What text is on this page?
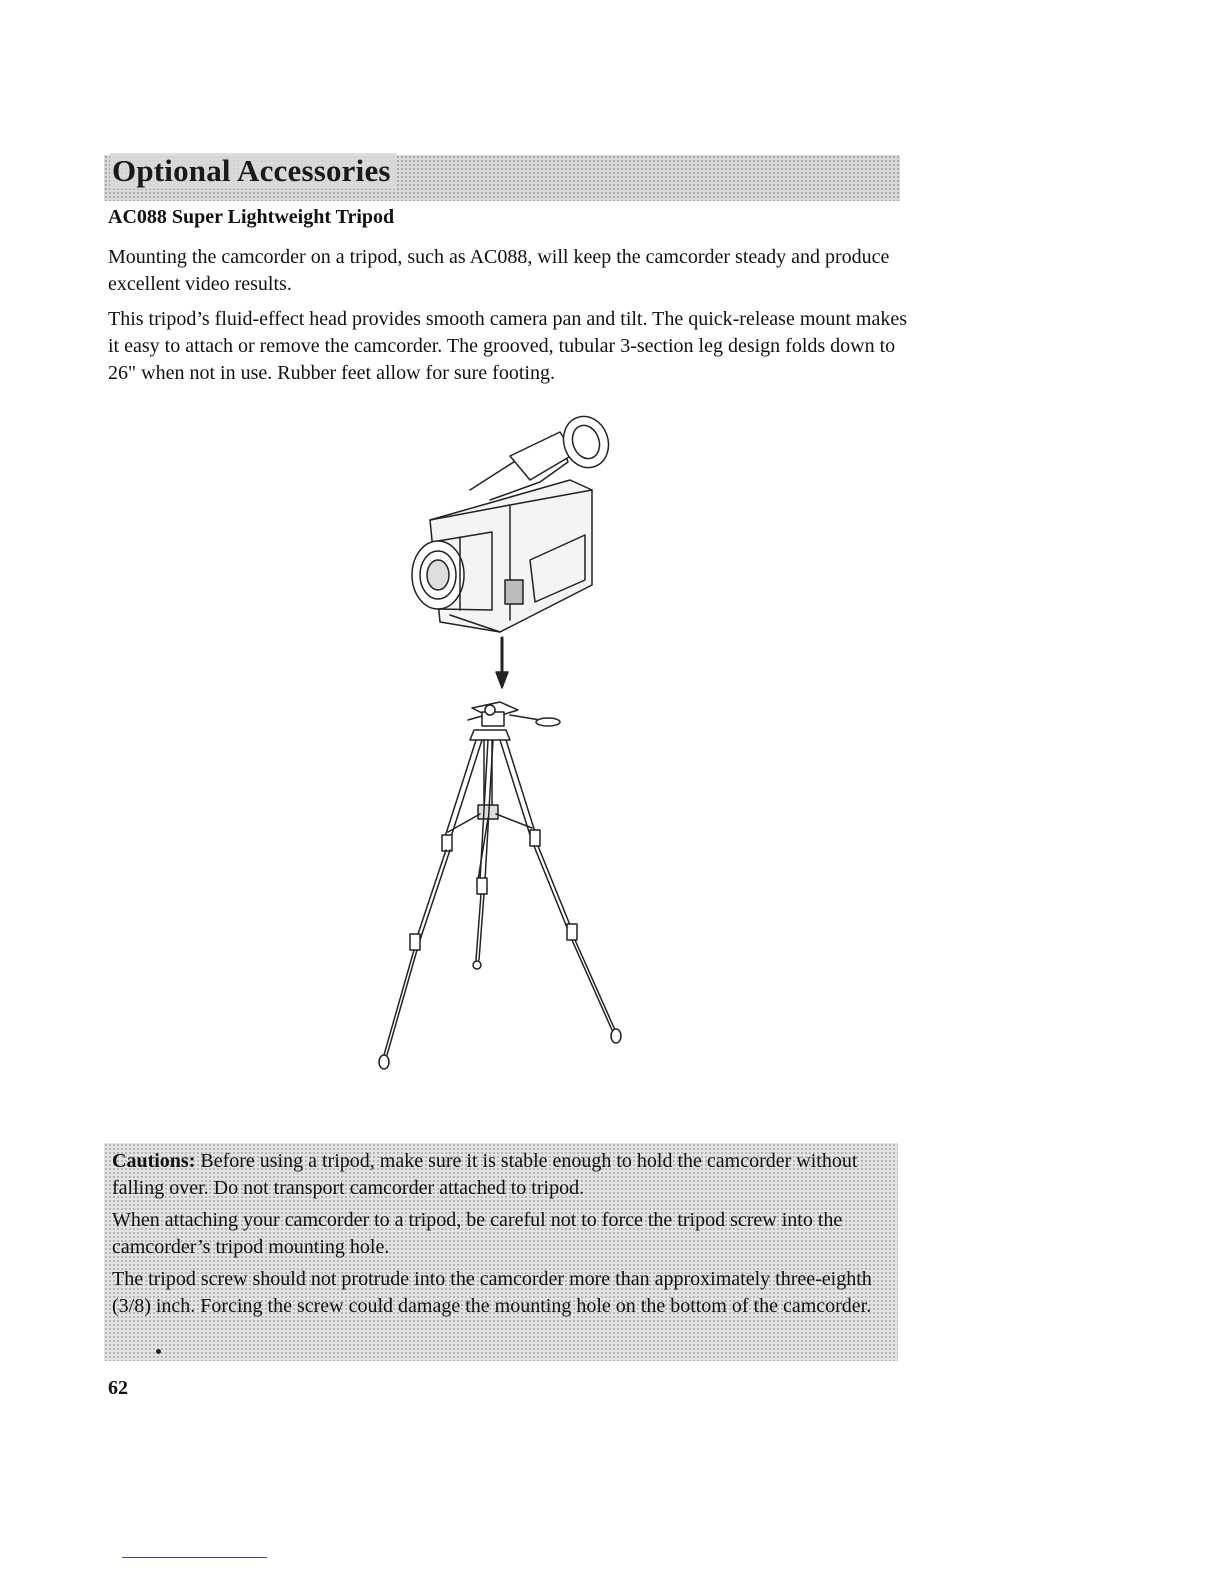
Optional Accessories
AC088 Super Lightweight Tripod

Mounting the camcorder on a tripod, such as AC088, will keep the camcorder steady and produce excellent video results.

This tripod’s fluid-effect head provides smooth camera pan and tilt. The quick-release mount makes it easy to attach or remove the camcorder. The grooved, tubular 3-section leg design folds down to 26" when not in use. Rubber feet allow for sure footing.

Cautions: Before using a tripod, make sure it is stable enough to hold the camcorder without falling over. Do not transport camcorder attached to tripod.

When attaching your camcorder to a tripod, be careful not to force the tripod screw into the camcorder’s tripod mounting hole.

The tripod screw should not protrude into the camcorder more than approximately three-eighth (3/8) inch. Forcing the screw could damage the mounting hole on the bottom of the camcorder.

62
